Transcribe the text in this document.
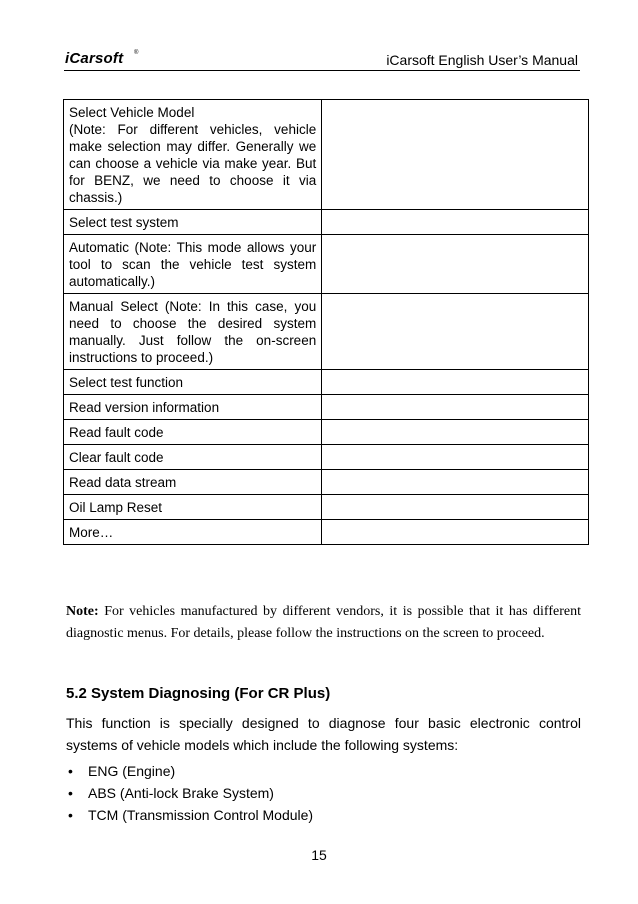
iCarsoft ®	iCarsoft English User’s Manual
Select Vehicle Model
(Note: For different vehicles, vehicle make selection may differ. Generally we can choose a vehicle via make year. But for BENZ, we need to choose it via chassis.)	
Select test system	
Automatic (Note: This mode allows your tool to scan the vehicle test system automatically.)	
Manual Select (Note: In this case, you need to choose the desired system manually. Just follow the on-screen instructions to proceed.)	
Select test function	
Read version information	
Read fault code	
Clear fault code	
Read data stream	
Oil Lamp Reset	
More…	
Note: For vehicles manufactured by different vendors, it is possible that it has different diagnostic menus. For details, please follow the instructions on the screen to proceed.
5.2 System Diagnosing (For CR Plus)
This function is specially designed to diagnose four basic electronic control systems of vehicle models which include the following systems:
• ENG (Engine)
• ABS (Anti-lock Brake System)
• TCM (Transmission Control Module)
15
